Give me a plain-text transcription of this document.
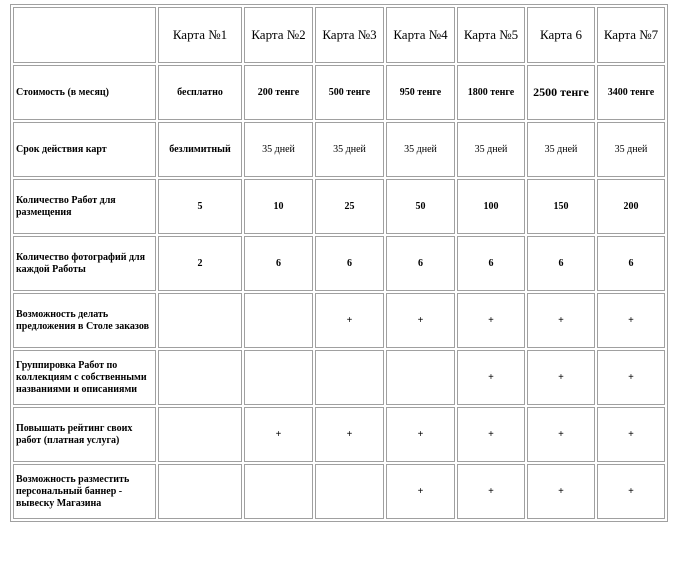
	Карта №1	Карта №2	Карта №3	Карта №4	Карта №5	Карта 6	Карта №7
Стоимость (в месяц)	бесплатно	200 тенге	500 тенге	950 тенге	1800 тенге	2500 тенге	3400 тенге
Срок действия карт	безлимитный	35 дней	35 дней	35 дней	35 дней	35 дней	35 дней
Количество Работ для размещения	5	10	25	50	100	150	200
Количество фотографий для каждой Работы	2	6	6	6	6	6	6
Возможность делать предложения в Столе заказов			+	+	+	+	+
Группировка Работ по коллекциям с собственными названиями и описаниями					+	+	+
Повышать рейтинг своих работ (платная услуга)		+	+	+	+	+	+
Возможность разместить персональный баннер - вывеску Магазина				+	+	+	+
